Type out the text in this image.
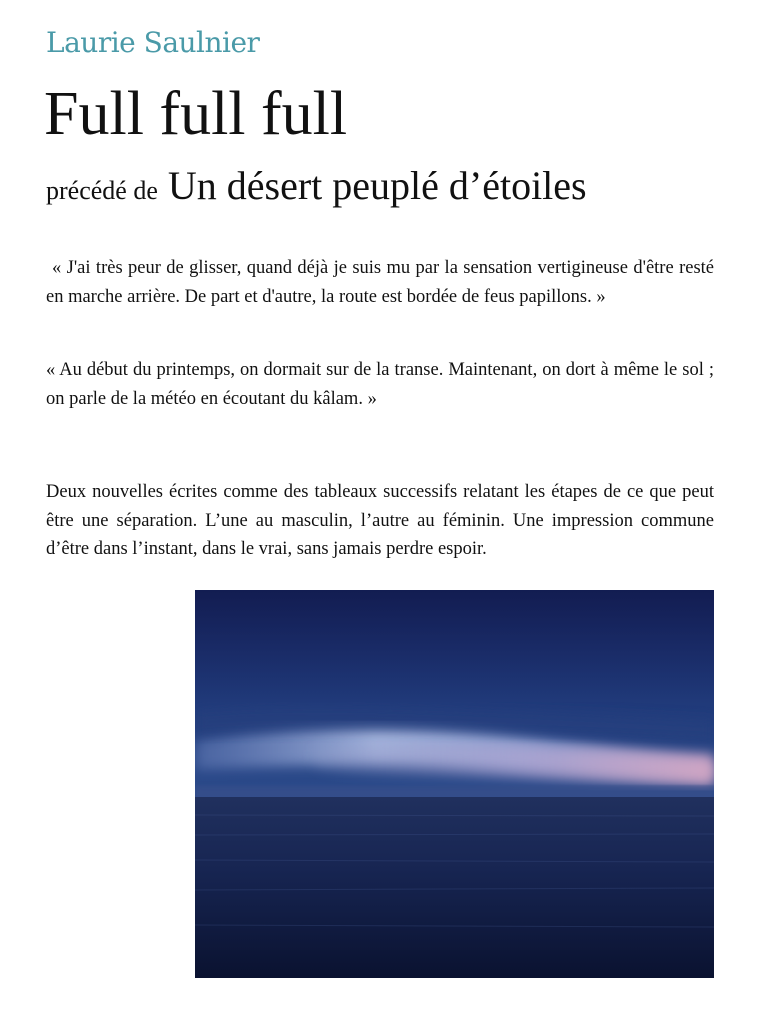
Laurie Saulnier
Full full full
précédé de Un désert peuplé d’étoiles

« J'ai très peur de glisser, quand déjà je suis mu par la sensation vertigineuse d'être resté en marche arrière. De part et d'autre, la route est bordée de feus papillons. »

« Au début du printemps, on dormait sur de la transe. Maintenant, on dort à même le sol ; on parle de la météo en écoutant du kâlam. »

Deux nouvelles écrites comme des tableaux successifs relatant les étapes de ce que peut être une séparation. L’une au masculin, l’autre au féminin. Une impression commune d’être dans l’instant, dans le vrai, sans jamais perdre espoir.
